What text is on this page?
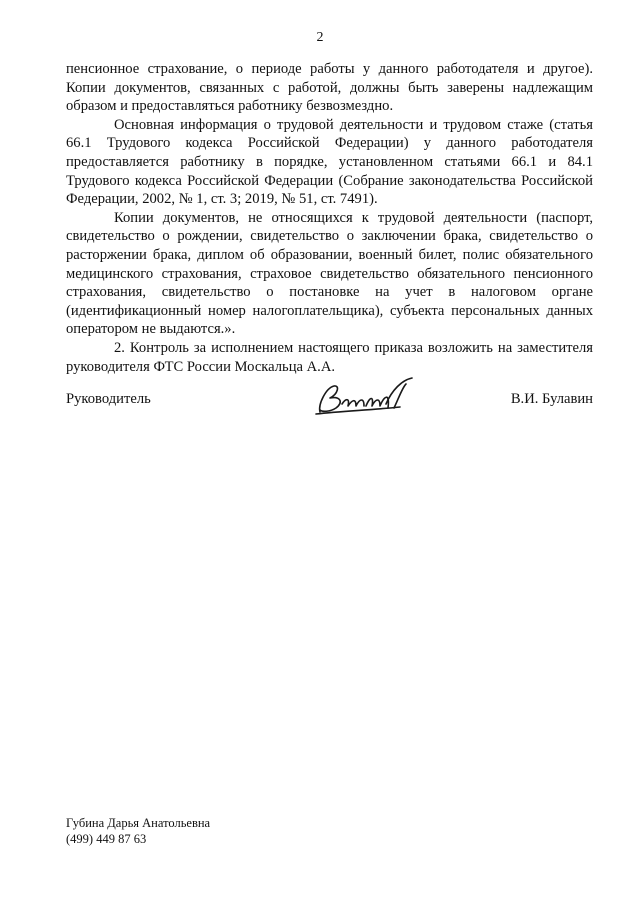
2

пенсионное страхование, о периоде работы у данного работодателя и другое). Копии документов, связанных с работой, должны быть заверены надлежащим образом и предоставляться работнику безвозмездно.

Основная информация о трудовой деятельности и трудовом стаже (статья 66.1 Трудового кодекса Российской Федерации) у данного работодателя предоставляется работнику в порядке, установленном статьями 66.1 и 84.1 Трудового кодекса Российской Федерации (Собрание законодательства Российской Федерации, 2002, № 1, ст. 3; 2019, № 51, ст. 7491).

Копии документов, не относящихся к трудовой деятельности (паспорт, свидетельство о рождении, свидетельство о заключении брака, свидетельство о расторжении брака, диплом об образовании, военный билет, полис обязательного медицинского страхования, страховое свидетельство обязательного пенсионного страхования, свидетельство о постановке на учет в налоговом органе (идентификационный номер налогоплательщика), субъекта персональных данных оператором не выдаются.».

2. Контроль за исполнением настоящего приказа возложить на заместителя руководителя ФТС России Москальца А.А.

Руководитель	В.И. Булавин
Губина Дарья Анатольевна
(499) 449 87 63
